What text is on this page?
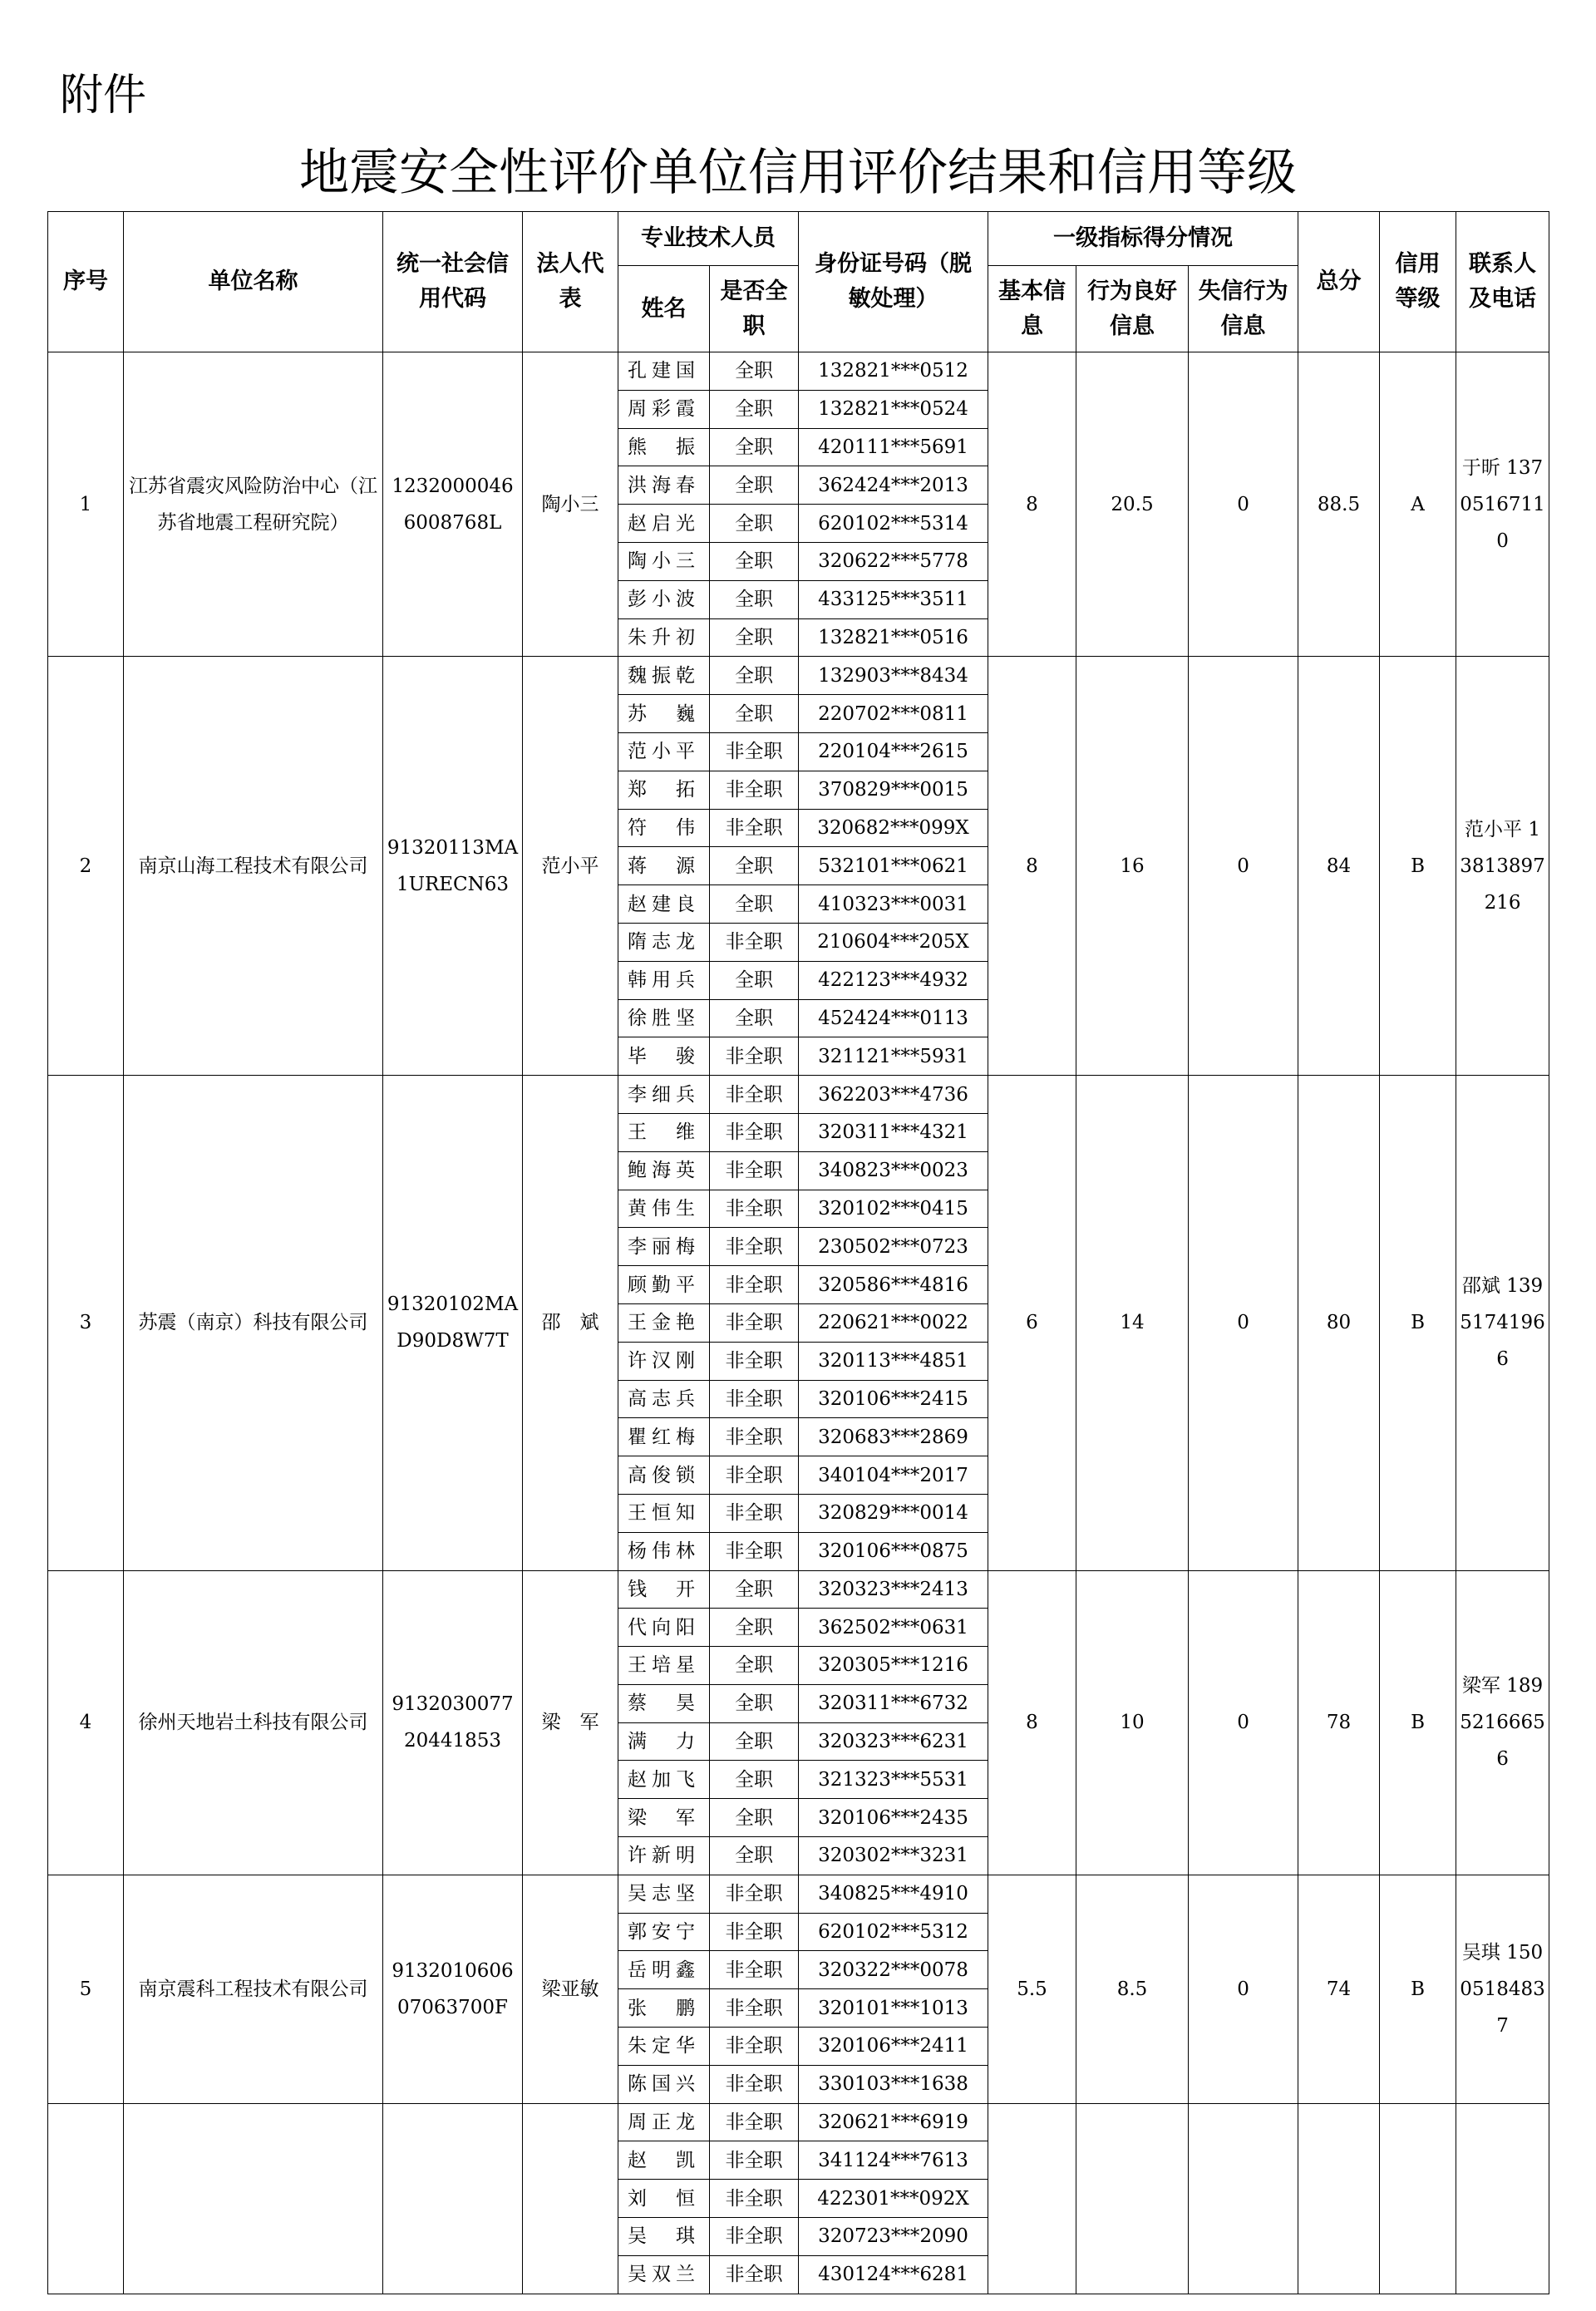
附件
地震安全性评价单位信用评价结果和信用等级
序号	单位名称	统一社会信用代码	法人代表	专业技术人员		身份证号码（脱敏处理）	一级指标得分情况			总分	信用等级	联系人及电话
				姓名	是否全职		基本信息	行为良好信息	失信行为信息			
1	江苏省震灾风险防治中心（江苏省地震工程研究院）	12320000466008768L	陶小三	孔建国	全职	132821***0512	8	20.5	0	88.5	A	于昕 13705167110
				周彩霞	全职	132821***0524						
				熊　振	全职	420111***5691						
				洪海春	全职	362424***2013						
				赵启光	全职	620102***5314						
				陶小三	全职	320622***5778						
				彭小波	全职	433125***3511						
				朱升初	全职	132821***0516						
2	南京山海工程技术有限公司	91320113MA1URECN63	范小平	魏振乾	全职	132903***8434	8	16	0	84	B	范小平 13813897216
				苏　巍	全职	220702***0811						
				范小平	非全职	220104***2615						
				郑　拓	非全职	370829***0015						
				符　伟	非全职	320682***099X						
				蒋　源	全职	532101***0621						
				赵建良	全职	410323***0031						
				隋志龙	非全职	210604***205X						
				韩用兵	全职	422123***4932						
				徐胜坚	全职	452424***0113						
				毕　骏	非全职	321121***5931						
3	苏震（南京）科技有限公司	91320102MAD90D8W7T	邵　斌	李细兵	非全职	362203***4736	6	14	0	80	B	邵斌 13951741966
				王　维	非全职	320311***4321						
				鲍海英	非全职	340823***0023						
				黄伟生	非全职	320102***0415						
				李丽梅	非全职	230502***0723						
				顾勤平	非全职	320586***4816						
				王金艳	非全职	220621***0022						
				许汉刚	非全职	320113***4851						
				高志兵	非全职	320106***2415						
				瞿红梅	非全职	320683***2869						
				高俊锁	非全职	340104***2017						
				王恒知	非全职	320829***0014						
				杨伟林	非全职	320106***0875						
4	徐州天地岩土科技有限公司	913203007720441853	梁　军	钱　开	全职	320323***2413	8	10	0	78	B	梁军 18952166656
				代向阳	全职	362502***0631						
				王培星	全职	320305***1216						
				蔡　昊	全职	320311***6732						
				满　力	全职	320323***6231						
				赵加飞	全职	321323***5531						
				梁　军	全职	320106***2435						
				许新明	全职	320302***3231						
5	南京震科工程技术有限公司	913201060607063700F	梁亚敏	吴志坚	非全职	340825***4910	5.5	8.5	0	74	B	吴琪 15005184837
				郭安宁	非全职	620102***5312						
				岳明鑫	非全职	320322***0078						
				张　鹏	非全职	320101***1013						
				朱定华	非全职	320106***2411						
				陈国兴	非全职	330103***1638						
				周正龙	非全职	320621***6919						
				赵　凯	非全职	341124***7613						
				刘　恒	非全职	422301***092X						
				吴　琪	非全职	320723***2090						
				吴双兰	非全职	430124***6281						
